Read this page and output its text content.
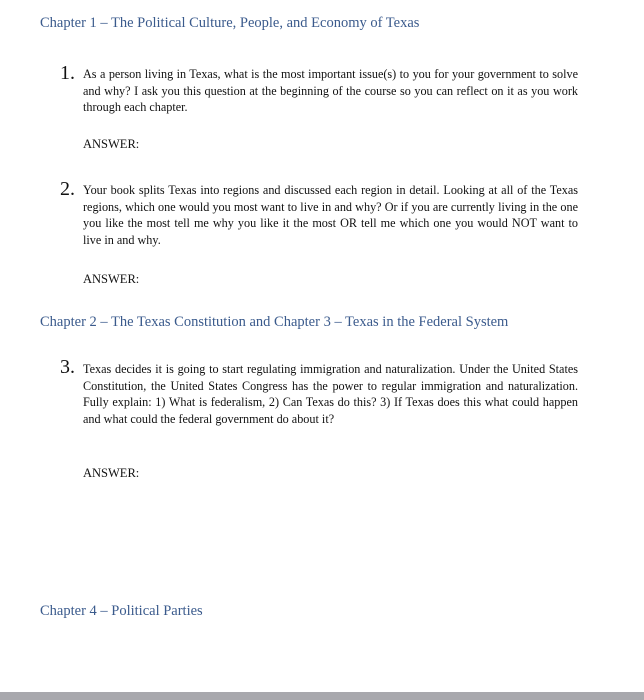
Chapter 1 – The Political Culture, People, and Economy of Texas
1. As a person living in Texas, what is the most important issue(s) to you for your government to solve and why? I ask you this question at the beginning of the course so you can reflect on it as you work through each chapter.
ANSWER:
2. Your book splits Texas into regions and discussed each region in detail. Looking at all of the Texas regions, which one would you most want to live in and why? Or if you are currently living in the one you like the most tell me why you like it the most OR tell me which one you would NOT want to live in and why.
ANSWER:
Chapter 2 – The Texas Constitution and Chapter 3 – Texas in the Federal System
3. Texas decides it is going to start regulating immigration and naturalization. Under the United States Constitution, the United States Congress has the power to regular immigration and naturalization. Fully explain: 1) What is federalism, 2) Can Texas do this? 3) If Texas does this what could happen and what could the federal government do about it?
ANSWER:
Chapter 4 – Political Parties
